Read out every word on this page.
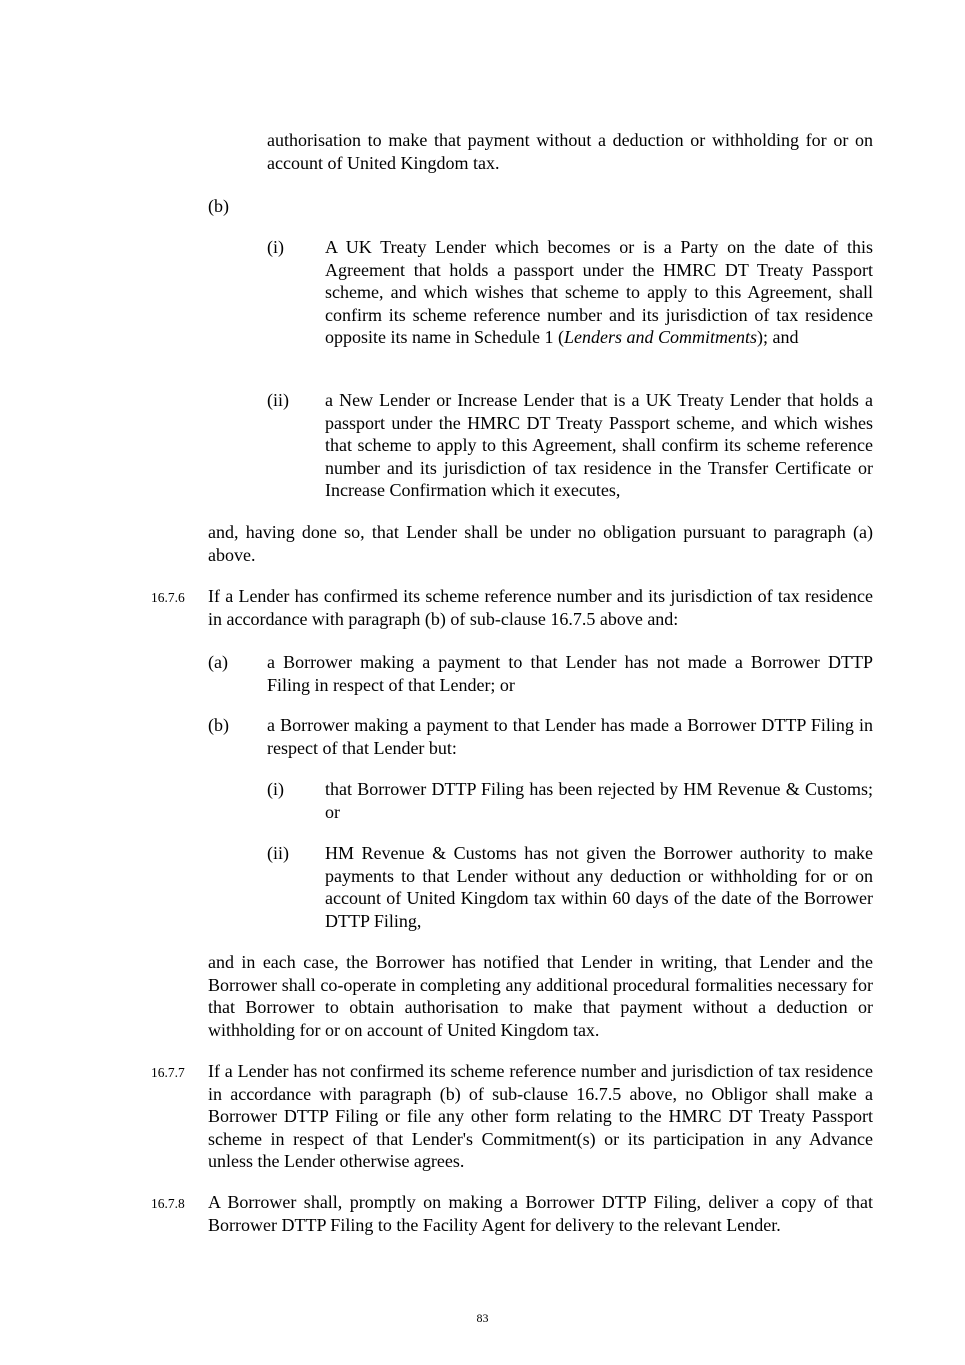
authorisation to make that payment without a deduction or withholding for or on account of United Kingdom tax.
(b)
(i) A UK Treaty Lender which becomes or is a Party on the date of this Agreement that holds a passport under the HMRC DT Treaty Passport scheme, and which wishes that scheme to apply to this Agreement, shall confirm its scheme reference number and its jurisdiction of tax residence opposite its name in Schedule 1 (Lenders and Commitments); and
(ii) a New Lender or Increase Lender that is a UK Treaty Lender that holds a passport under the HMRC DT Treaty Passport scheme, and which wishes that scheme to apply to this Agreement, shall confirm its scheme reference number and its jurisdiction of tax residence in the Transfer Certificate or Increase Confirmation which it executes,
and, having done so, that Lender shall be under no obligation pursuant to paragraph (a) above.
16.7.6 If a Lender has confirmed its scheme reference number and its jurisdiction of tax residence in accordance with paragraph (b) of sub-clause 16.7.5 above and:
(a) a Borrower making a payment to that Lender has not made a Borrower DTTP Filing in respect of that Lender; or
(b) a Borrower making a payment to that Lender has made a Borrower DTTP Filing in respect of that Lender but:
(i) that Borrower DTTP Filing has been rejected by HM Revenue & Customs; or
(ii) HM Revenue & Customs has not given the Borrower authority to make payments to that Lender without any deduction or withholding for or on account of United Kingdom tax within 60 days of the date of the Borrower DTTP Filing,
and in each case, the Borrower has notified that Lender in writing, that Lender and the Borrower shall co-operate in completing any additional procedural formalities necessary for that Borrower to obtain authorisation to make that payment without a deduction or withholding for or on account of United Kingdom tax.
16.7.7 If a Lender has not confirmed its scheme reference number and jurisdiction of tax residence in accordance with paragraph (b) of sub-clause 16.7.5 above, no Obligor shall make a Borrower DTTP Filing or file any other form relating to the HMRC DT Treaty Passport scheme in respect of that Lender's Commitment(s) or its participation in any Advance unless the Lender otherwise agrees.
16.7.8 A Borrower shall, promptly on making a Borrower DTTP Filing, deliver a copy of that Borrower DTTP Filing to the Facility Agent for delivery to the relevant Lender.
83
